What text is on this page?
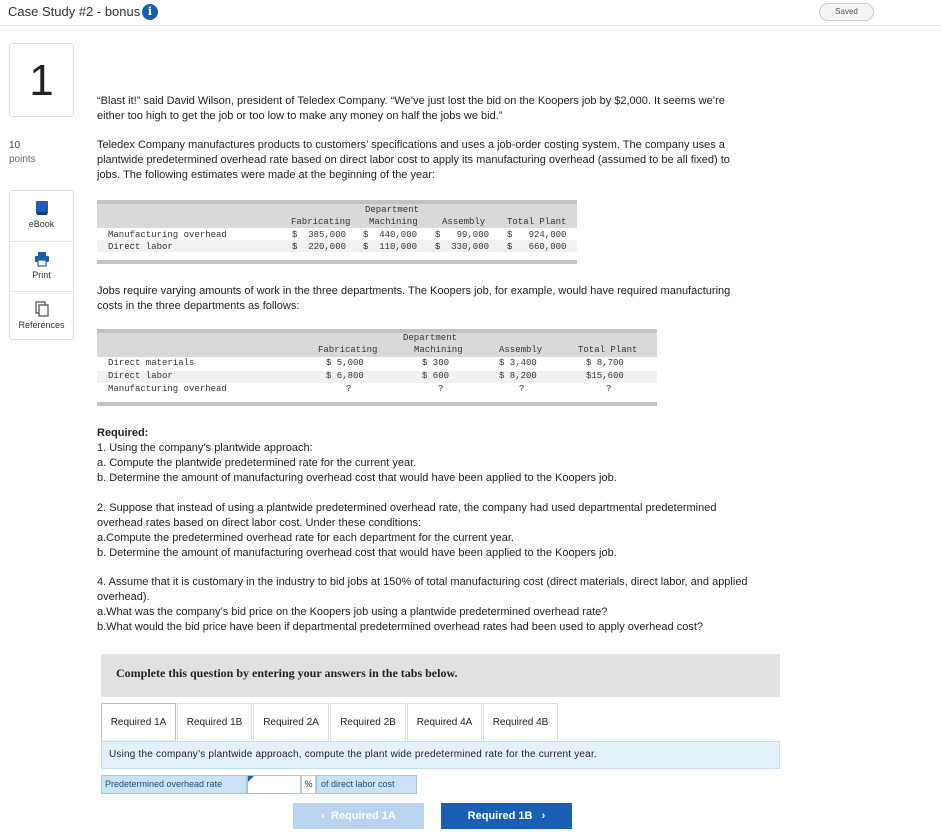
Case Study #2 - bonus i	Saved
1
10
points
eBook
Print
References
“Blast it!” said David Wilson, president of Teledex Company. “We’ve just lost the bid on the Koopers job by $2,000. It seems we’re
either too high to get the job or too low to make any money on half the jobs we bid.”
Teledex Company manufactures products to customers’ specifications and uses a job-order costing system. The company uses a
plantwide predetermined overhead rate based on direct labor cost to apply its manufacturing overhead (assumed to be all fixed) to
jobs. The following estimates were made at the beginning of the year:
Department
Fabricating Machining	Assembly Total Plant
Manufacturing overhead	$  385,000 $  440,000 $   99,000 $   924,000
Direct labor	$  220,000 $  110,000 $  330,000 $   660,000
Jobs require varying amounts of work in the three departments. The Koopers job, for example, would have required manufacturing
costs in the three departments as follows:
Department
Fabricating	Machining	Assembly	Total Plant
Direct materials	$ 5,000	$ 300	$ 3,400	$ 8,700
Direct labor	$ 6,800	$ 600	$ 8,200	$15,600
Manufacturing overhead	?	?	?	?
Required:
1. Using the company’s plantwide approach:
a. Compute the plantwide predetermined rate for the current year.
b. Determine the amount of manufacturing overhead cost that would have been applied to the Koopers job.
2. Suppose that instead of using a plantwide predetermined overhead rate, the company had used departmental predetermined
overhead rates based on direct labor cost. Under these conditions:
a.Compute the predetermined overhead rate for each department for the current year.
b. Determine the amount of manufacturing overhead cost that would have been applied to the Koopers job.
4. Assume that it is customary in the industry to bid jobs at 150% of total manufacturing cost (direct materials, direct labor, and applied
overhead).
a.What was the company’s bid price on the Koopers job using a plantwide predetermined overhead rate?
b.What would the bid price have been if departmental predetermined overhead rates had been used to apply overhead cost?
Complete this question by entering your answers in the tabs below.
Required 1A	Required 1B	Required 2A	Required 2B	Required 4A	Required 4B
Using the company’s plantwide approach, compute the plant wide predetermined rate for the current year.
Predetermined overhead rate	% of direct labor cost
‹ Required 1A	Required 1B ›
